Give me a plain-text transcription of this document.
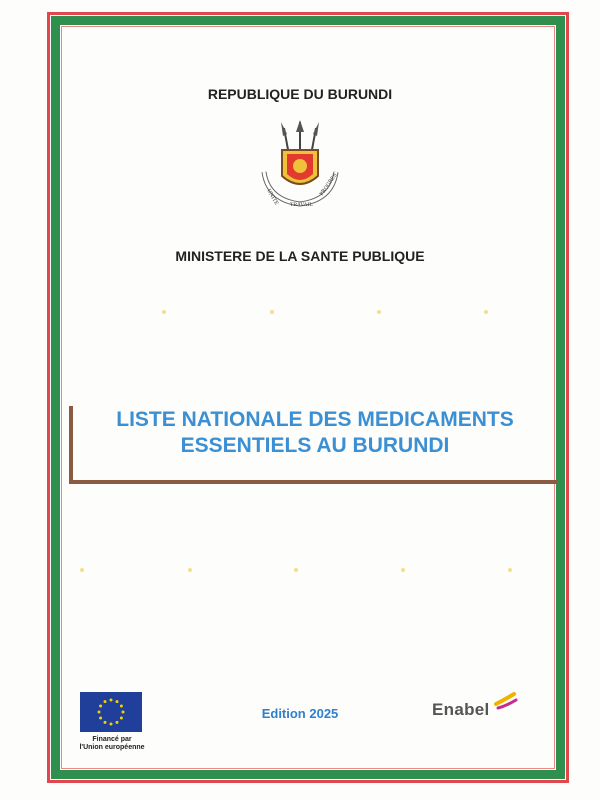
REPUBLIQUE DU BURUNDI
UNITE TRAVAIL
PROGRES
MINISTERE DE LA SANTE PUBLIQUE
LISTE NATIONALE DES MEDICAMENTS
ESSENTIELS AU BURUNDI
Financé par
l'Union européenne
Edition 2025	Enabel
